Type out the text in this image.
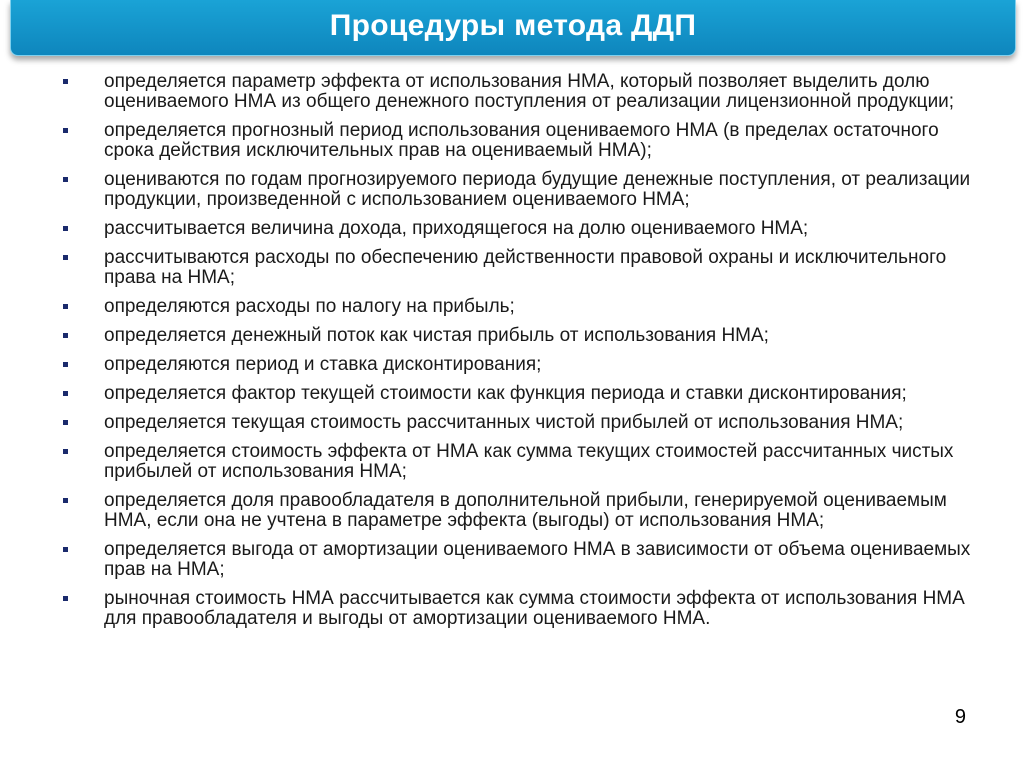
Процедуры метода ДДП
определяется параметр эффекта от использования НМА, который позволяет выделить долю оцениваемого НМА из общего денежного поступления от реализации лицензионной продукции;
определяется прогнозный период использования оцениваемого НМА (в пределах остаточного срока действия исключительных прав на оцениваемый НМА);
оцениваются по годам прогнозируемого периода будущие денежные поступления, от реализации продукции, произведенной с использованием оцениваемого НМА;
рассчитывается величина дохода, приходящегося на долю оцениваемого НМА;
рассчитываются расходы по обеспечению действенности правовой охраны и исключительного права на НМА;
определяются расходы по налогу на прибыль;
определяется денежный поток как чистая прибыль от использования НМА;
определяются период и ставка дисконтирования;
определяется фактор текущей стоимости как функция периода и ставки дисконтирования;
определяется текущая стоимость рассчитанных чистой прибылей от использования НМА;
определяется стоимость эффекта от НМА как сумма текущих стоимостей рассчитанных чистых прибылей от использования НМА;
определяется доля правообладателя в дополнительной прибыли, генерируемой оцениваемым НМА, если она не учтена в параметре эффекта (выгоды) от использования НМА;
определяется выгода от амортизации оцениваемого НМА в зависимости от объема оцениваемых прав на НМА;
рыночная стоимость НМА рассчитывается как сумма стоимости эффекта от использования НМА для правообладателя и выгоды от амортизации оцениваемого НМА.
9
